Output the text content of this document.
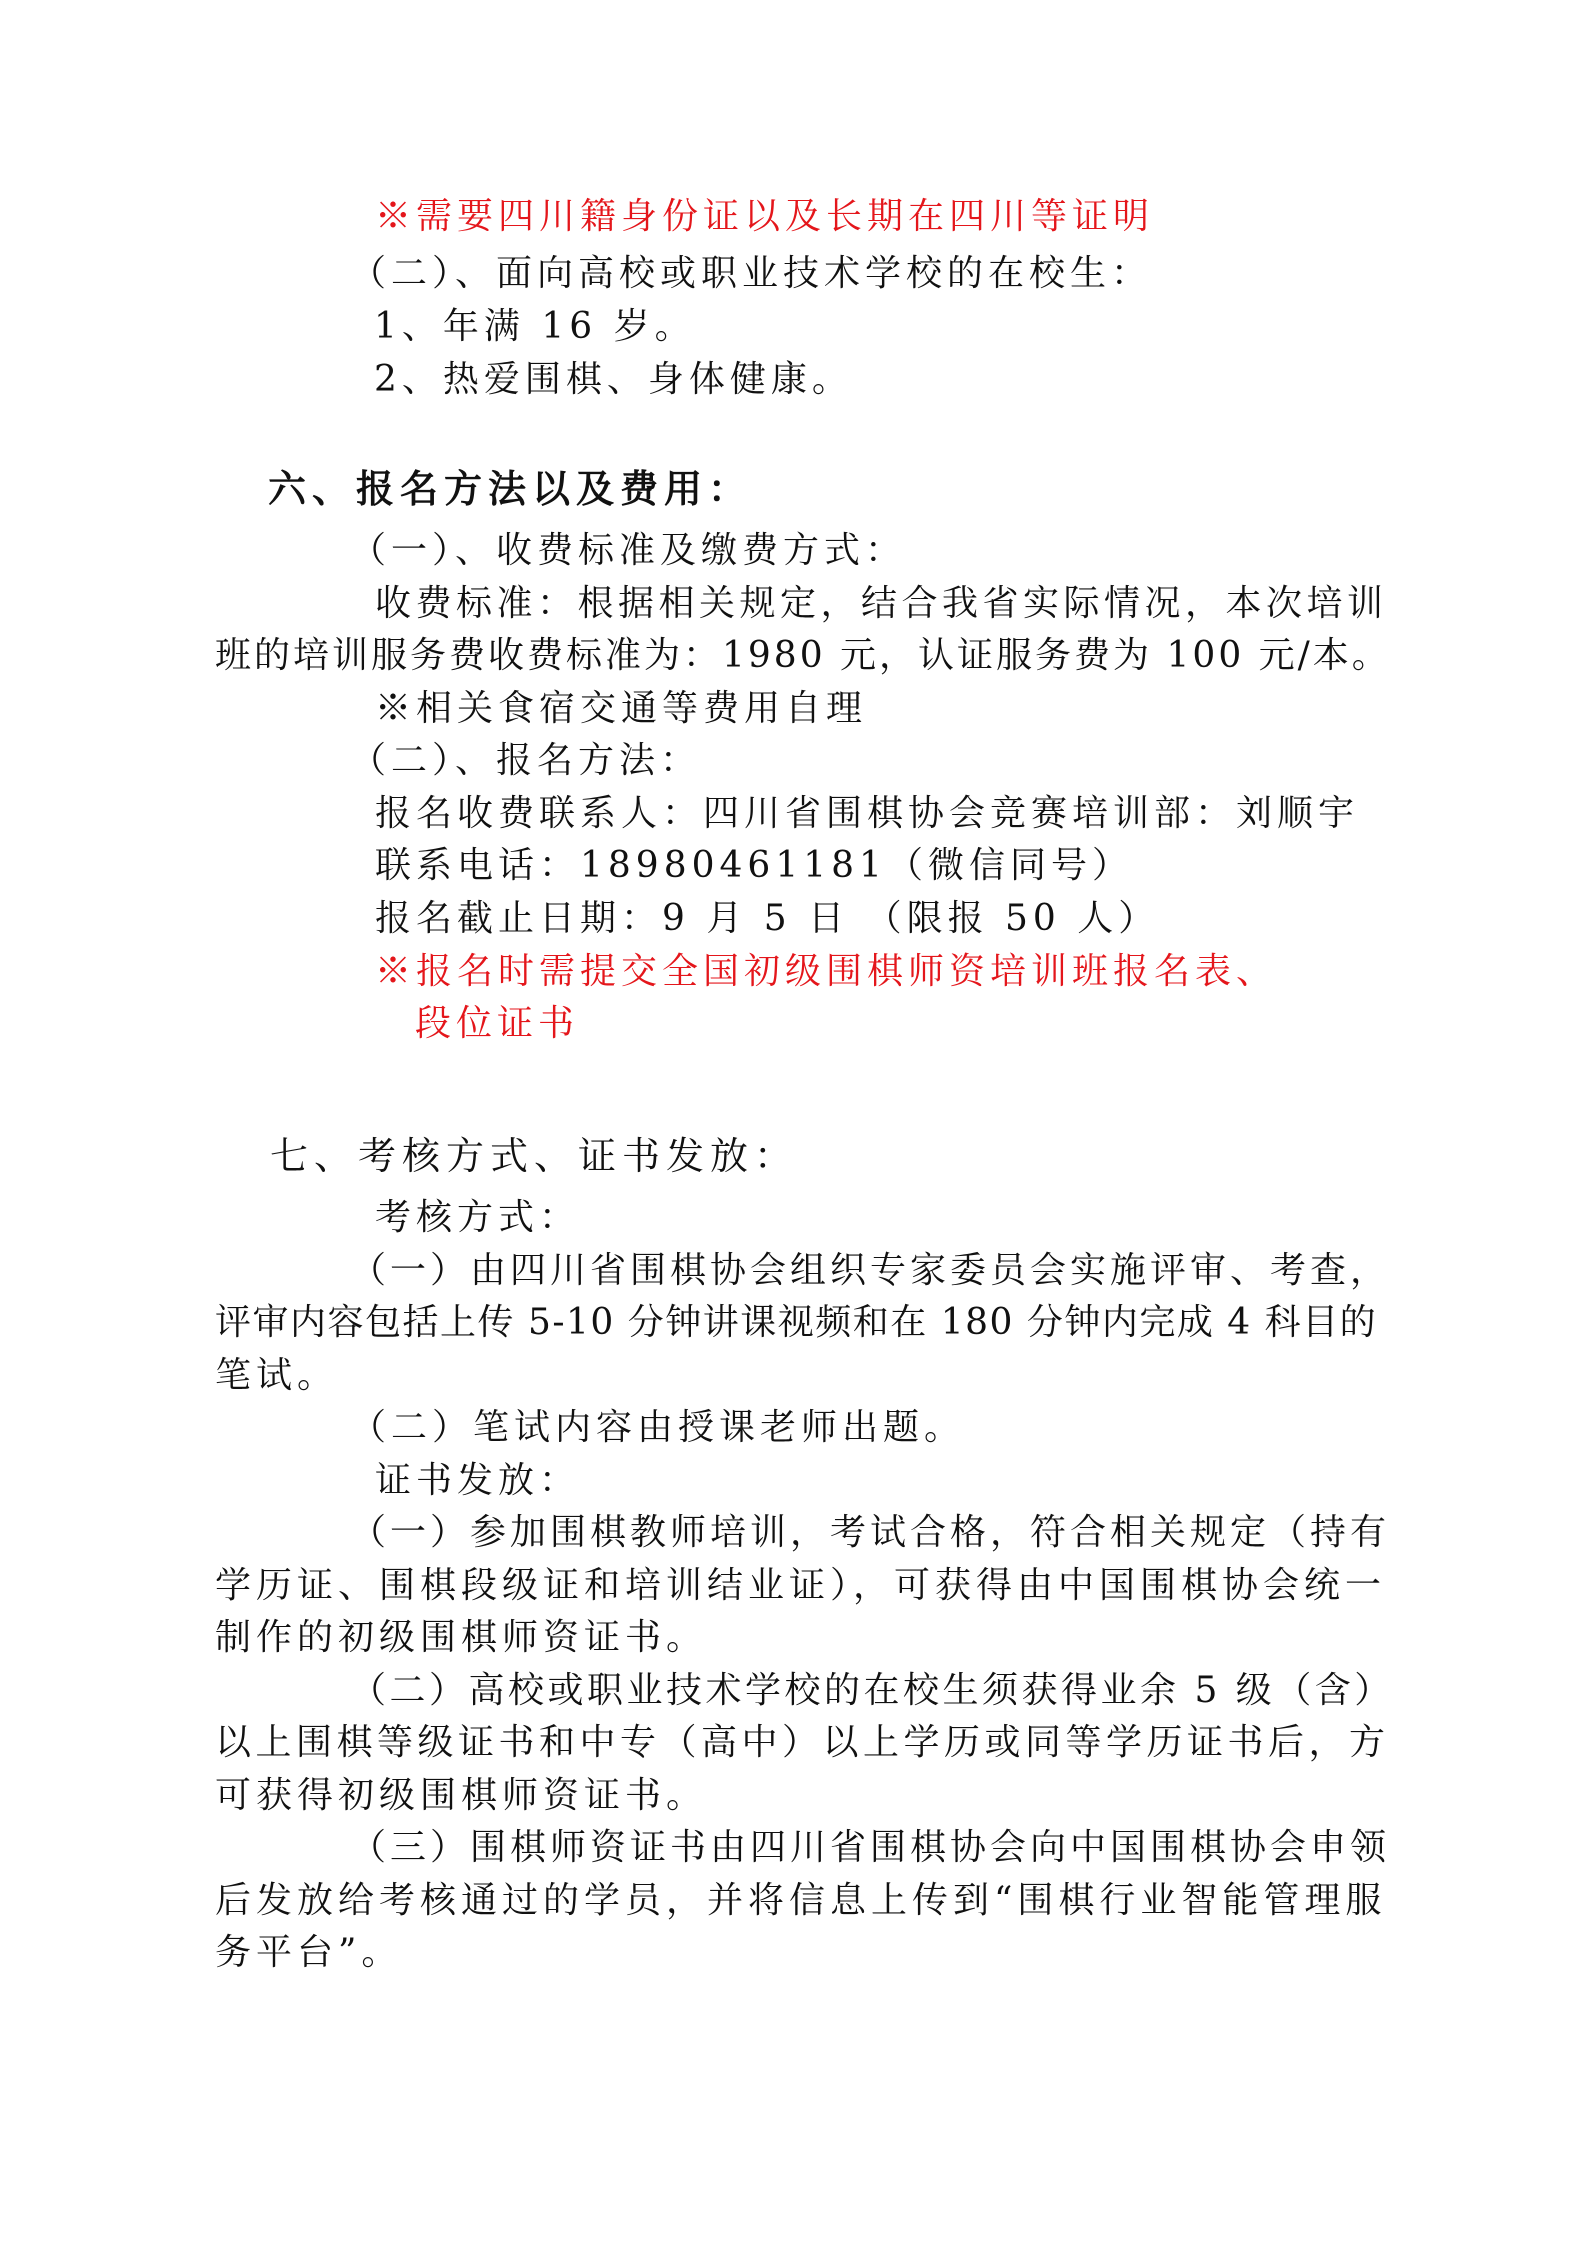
※需要四川籍身份证以及长期在四川等证明
（二）、面向高校或职业技术学校的在校生：
1、年满 16 岁。
2、热爱围棋、身体健康。
六、报名方法以及费用：
（一）、收费标准及缴费方式：
收费标准：根据相关规定，结合我省实际情况，本次培训
班的培训服务费收费标准为：1980 元，认证服务费为 100 元/本。
※相关食宿交通等费用自理
（二）、报名方法：
报名收费联系人：四川省围棋协会竞赛培训部：刘顺宇
联系电话：18980461181（微信同号）
报名截止日期：9 月 5 日 （限报 50 人）
※报名时需提交全国初级围棋师资培训班报名表、
段位证书
七、考核方式、证书发放：
考核方式：
（一）由四川省围棋协会组织专家委员会实施评审、考查，
评审内容包括上传 5-10 分钟讲课视频和在 180 分钟内完成 4 科目的
笔试。
（二）笔试内容由授课老师出题。
证书发放：
（一）参加围棋教师培训，考试合格，符合相关规定（持有
学历证、围棋段级证和培训结业证），可获得由中国围棋协会统一
制作的初级围棋师资证书。
（二）高校或职业技术学校的在校生须获得业余 5 级（含）
以上围棋等级证书和中专（高中）以上学历或同等学历证书后，方
可获得初级围棋师资证书。
（三）围棋师资证书由四川省围棋协会向中国围棋协会申领
后发放给考核通过的学员，并将信息上传到“围棋行业智能管理服
务平台”。
